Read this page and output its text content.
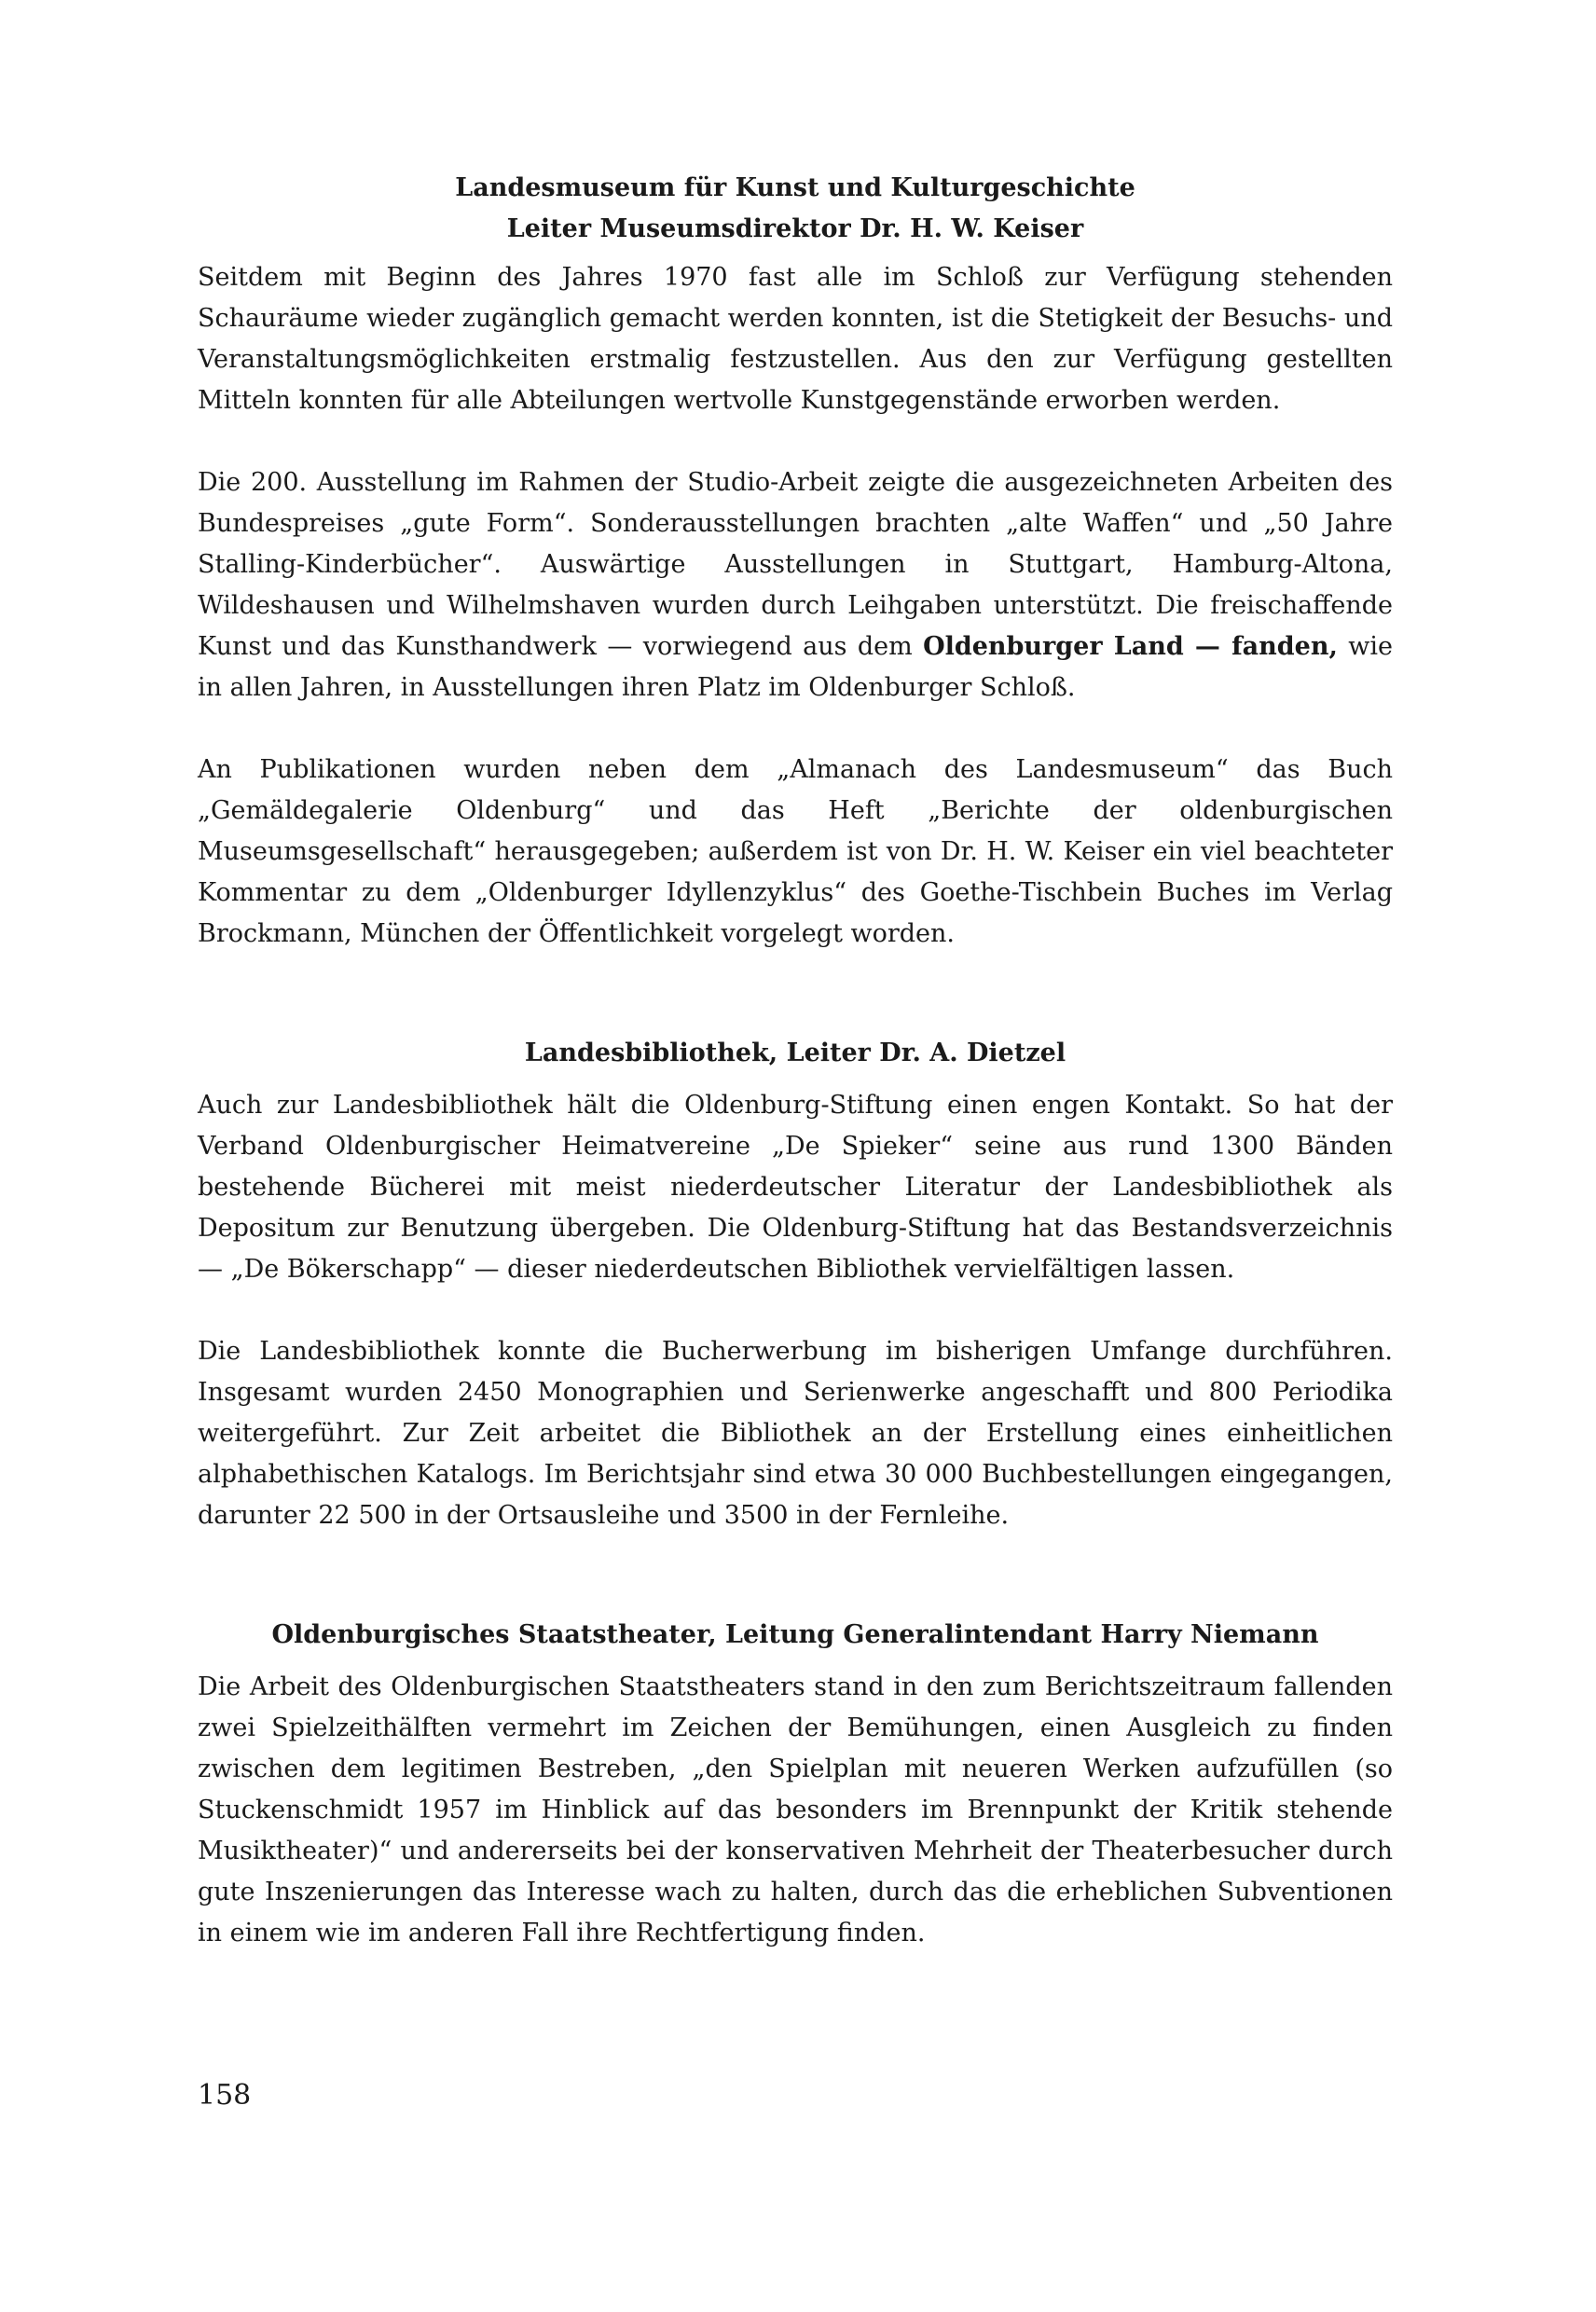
Landesmuseum für Kunst und Kulturgeschichte
Leiter Museumsdirektor Dr. H. W. Keiser

Seitdem mit Beginn des Jahres 1970 fast alle im Schloß zur Verfügung stehenden Schauräume wieder zugänglich gemacht werden konnten, ist die Stetigkeit der Besuchs- und Veranstaltungsmöglichkeiten erstmalig festzustellen. Aus den zur Verfügung gestellten Mitteln konnten für alle Abteilungen wertvolle Kunstgegenstände erworben werden.

Die 200. Ausstellung im Rahmen der Studio-Arbeit zeigte die ausgezeichneten Arbeiten des Bundespreises „gute Form“. Sonderausstellungen brachten „alte Waffen“ und „50 Jahre Stalling-Kinderbücher“. Auswärtige Ausstellungen in Stuttgart, Hamburg-Altona, Wildeshausen und Wilhelmshaven wurden durch Leihgaben unterstützt. Die freischaffende Kunst und das Kunsthandwerk — vorwiegend aus dem Oldenburger Land — fanden, wie in allen Jahren, in Ausstellungen ihren Platz im Oldenburger Schloß.

An Publikationen wurden neben dem „Almanach des Landesmuseum“ das Buch „Gemäldegalerie Oldenburg“ und das Heft „Berichte der oldenburgischen Museumsgesellschaft“ herausgegeben; außerdem ist von Dr. H. W. Keiser ein viel beachteter Kommentar zu dem „Oldenburger Idyllenzyklus“ des Goethe-Tischbein Buches im Verlag Brockmann, München der Öffentlichkeit vorgelegt worden.

Landesbibliothek, Leiter Dr. A. Dietzel

Auch zur Landesbibliothek hält die Oldenburg-Stiftung einen engen Kontakt. So hat der Verband Oldenburgischer Heimatvereine „De Spieker“ seine aus rund 1300 Bänden bestehende Bücherei mit meist niederdeutscher Literatur der Landesbibliothek als Depositum zur Benutzung übergeben. Die Oldenburg-Stiftung hat das Bestandsverzeichnis — „De Bökerschapp“ — dieser niederdeutschen Bibliothek vervielfältigen lassen.

Die Landesbibliothek konnte die Bucherwerbung im bisherigen Umfange durchführen. Insgesamt wurden 2450 Monographien und Serienwerke angeschafft und 800 Periodika weitergeführt. Zur Zeit arbeitet die Bibliothek an der Erstellung eines einheitlichen alphabethischen Katalogs. Im Berichtsjahr sind etwa 30 000 Buchbestellungen eingegangen, darunter 22 500 in der Ortsausleihe und 3500 in der Fernleihe.

Oldenburgisches Staatstheater, Leitung Generalintendant Harry Niemann

Die Arbeit des Oldenburgischen Staatstheaters stand in den zum Berichtszeitraum fallenden zwei Spielzeithälften vermehrt im Zeichen der Bemühungen, einen Ausgleich zu finden zwischen dem legitimen Bestreben, „den Spielplan mit neueren Werken aufzufüllen (so Stuckenschmidt 1957 im Hinblick auf das besonders im Brennpunkt der Kritik stehende Musiktheater)“ und andererseits bei der konservativen Mehrheit der Theaterbesucher durch gute Inszenierungen das Interesse wach zu halten, durch das die erheblichen Subventionen in einem wie im anderen Fall ihre Rechtfertigung finden.

158
